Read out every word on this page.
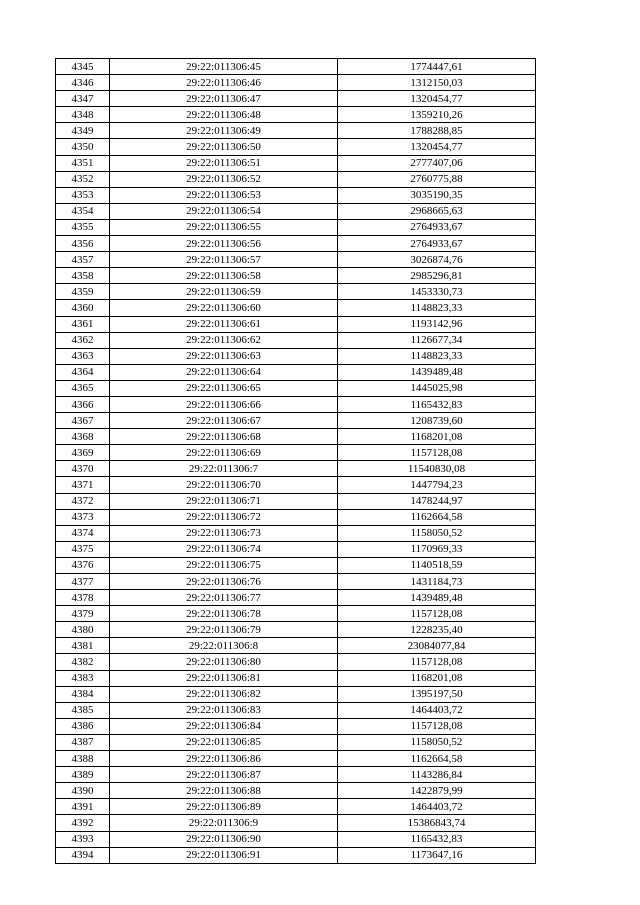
4345	29:22:011306:45	1774447,61
4346	29:22:011306:46	1312150,03
4347	29:22:011306:47	1320454,77
4348	29:22:011306:48	1359210,26
4349	29:22:011306:49	1788288,85
4350	29:22:011306:50	1320454,77
4351	29:22:011306:51	2777407,06
4352	29:22:011306:52	2760775,88
4353	29:22:011306:53	3035190,35
4354	29:22:011306:54	2968665,63
4355	29:22:011306:55	2764933,67
4356	29:22:011306:56	2764933,67
4357	29:22:011306:57	3026874,76
4358	29:22:011306:58	2985296,81
4359	29:22:011306:59	1453330,73
4360	29:22:011306:60	1148823,33
4361	29:22:011306:61	1193142,96
4362	29:22:011306:62	1126677,34
4363	29:22:011306:63	1148823,33
4364	29:22:011306:64	1439489,48
4365	29:22:011306:65	1445025,98
4366	29:22:011306:66	1165432,83
4367	29:22:011306:67	1208739,60
4368	29:22:011306:68	1168201,08
4369	29:22:011306:69	1157128,08
4370	29:22:011306:7	11540830,08
4371	29:22:011306:70	1447794,23
4372	29:22:011306:71	1478244,97
4373	29:22:011306:72	1162664,58
4374	29:22:011306:73	1158050,52
4375	29:22:011306:74	1170969,33
4376	29:22:011306:75	1140518,59
4377	29:22:011306:76	1431184,73
4378	29:22:011306:77	1439489,48
4379	29:22:011306:78	1157128,08
4380	29:22:011306:79	1228235,40
4381	29:22:011306:8	23084077,84
4382	29:22:011306:80	1157128,08
4383	29:22:011306:81	1168201,08
4384	29:22:011306:82	1395197,50
4385	29:22:011306:83	1464403,72
4386	29:22:011306:84	1157128,08
4387	29:22:011306:85	1158050,52
4388	29:22:011306:86	1162664,58
4389	29:22:011306:87	1143286,84
4390	29:22:011306:88	1422879,99
4391	29:22:011306:89	1464403,72
4392	29:22:011306:9	15386843,74
4393	29:22:011306:90	1165432,83
4394	29:22:011306:91	1173647,16
